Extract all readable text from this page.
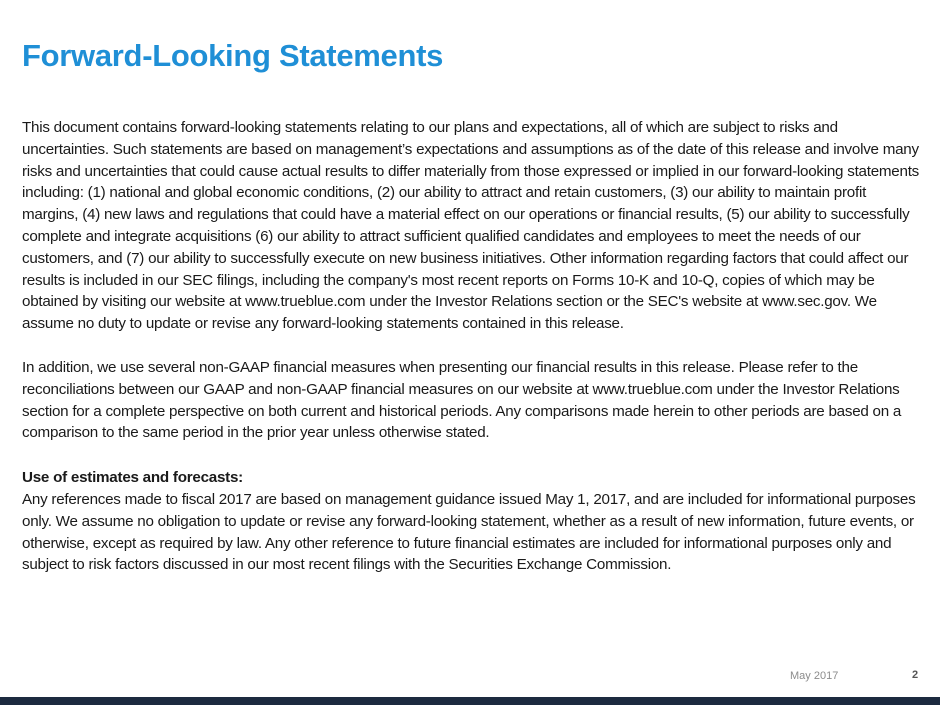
Forward-Looking Statements

This document contains forward-looking statements relating to our plans and expectations, all of which are subject to risks and uncertainties. Such statements are based on management’s expectations and assumptions as of the date of this release and involve many risks and uncertainties that could cause actual results to differ materially from those expressed or implied in our forward-looking statements including: (1) national and global economic conditions, (2) our ability to attract and retain customers, (3) our ability to maintain profit margins, (4) new laws and regulations that could have a material effect on our operations or financial results, (5) our ability to successfully complete and integrate acquisitions (6) our ability to attract sufficient qualified candidates and employees to meet the needs of our customers, and (7) our ability to successfully execute on new business initiatives. Other information regarding factors that could affect our results is included in our SEC filings, including the company's most recent reports on Forms 10-K and 10-Q, copies of which may be obtained by visiting our website at www.trueblue.com under the Investor Relations section or the SEC's website at www.sec.gov. We assume no duty to update or revise any forward-looking statements contained in this release.

In addition, we use several non-GAAP financial measures when presenting our financial results in this release. Please refer to the reconciliations between our GAAP and non-GAAP financial measures on our website at www.trueblue.com under the Investor Relations section for a complete perspective on both current and historical periods. Any comparisons made herein to other periods are based on a comparison to the same period in the prior year unless otherwise stated.

Use of estimates and forecasts:

Any references made to fiscal 2017 are based on management guidance issued May 1, 2017, and are included for informational purposes only. We assume no obligation to update or revise any forward-looking statement, whether as a result of new information, future events, or otherwise, except as required by law. Any other reference to future financial estimates are included for informational purposes only and subject to risk factors discussed in our most recent filings with the Securities Exchange Commission.

May 2017	2
